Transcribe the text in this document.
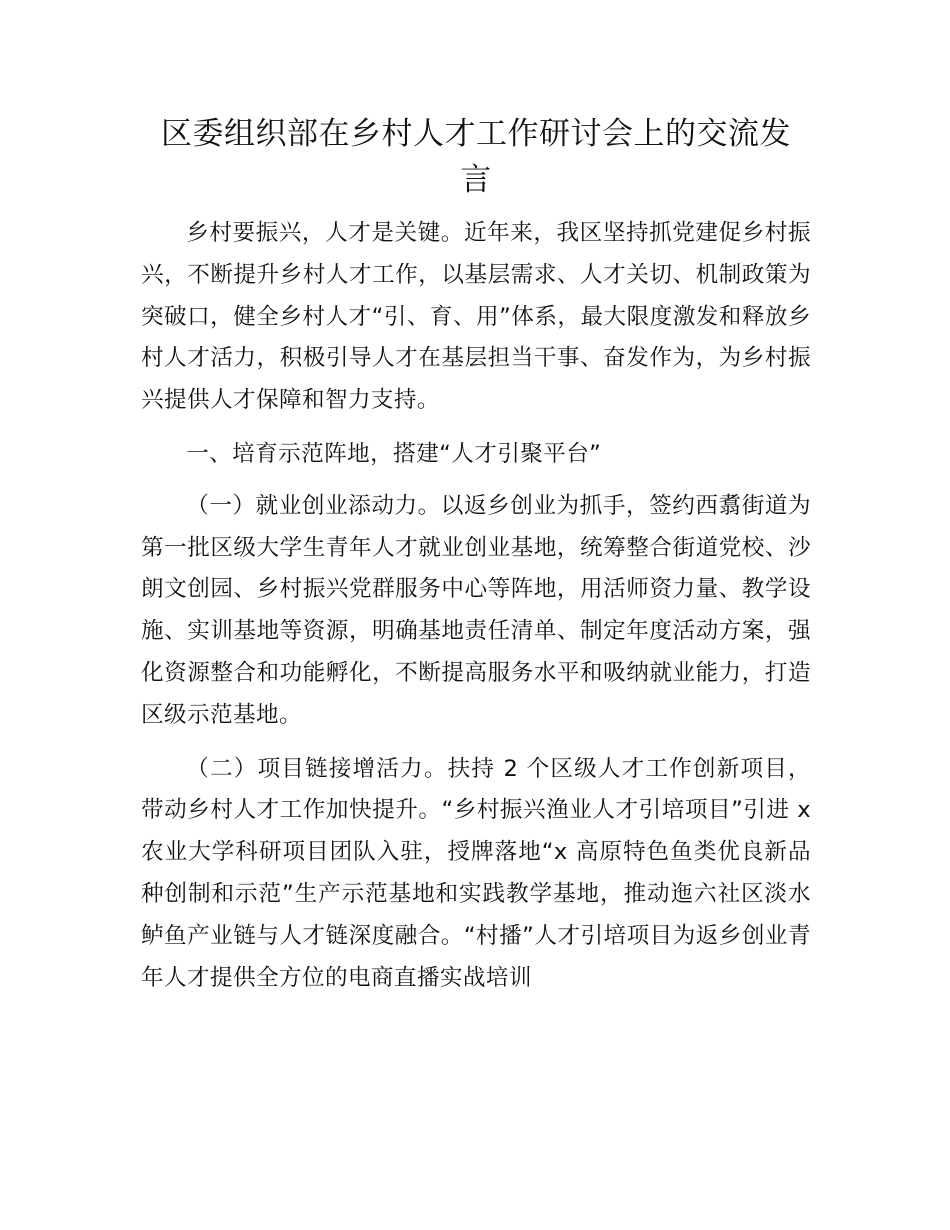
区委组织部在乡村人才工作研讨会上的交流发
言

乡村要振兴，人才是关键。近年来，我区坚持抓党建促乡村振兴，不断提升乡村人才工作，以基层需求、人才关切、机制政策为突破口，健全乡村人才“引、育、用”体系，最大限度激发和释放乡村人才活力，积极引导人才在基层担当干事、奋发作为，为乡村振兴提供人才保障和智力支持。

一、培育示范阵地，搭建“人才引聚平台”

（一）就业创业添动力。以返乡创业为抓手，签约西翥街道为第一批区级大学生青年人才就业创业基地，统筹整合街道党校、沙朗文创园、乡村振兴党群服务中心等阵地，用活师资力量、教学设施、实训基地等资源，明确基地责任清单、制定年度活动方案，强化资源整合和功能孵化，不断提高服务水平和吸纳就业能力，打造区级示范基地。

（二）项目链接增活力。扶持 2 个区级人才工作创新项目，带动乡村人才工作加快提升。“乡村振兴渔业人才引培项目”引进 x 农业大学科研项目团队入驻，授牌落地“x 高原特色鱼类优良新品种创制和示范”生产示范基地和实践教学基地，推动迤六社区淡水鲈鱼产业链与人才链深度融合。“村播”人才引培项目为返乡创业青年人才提供全方位的电商直播实战培训
